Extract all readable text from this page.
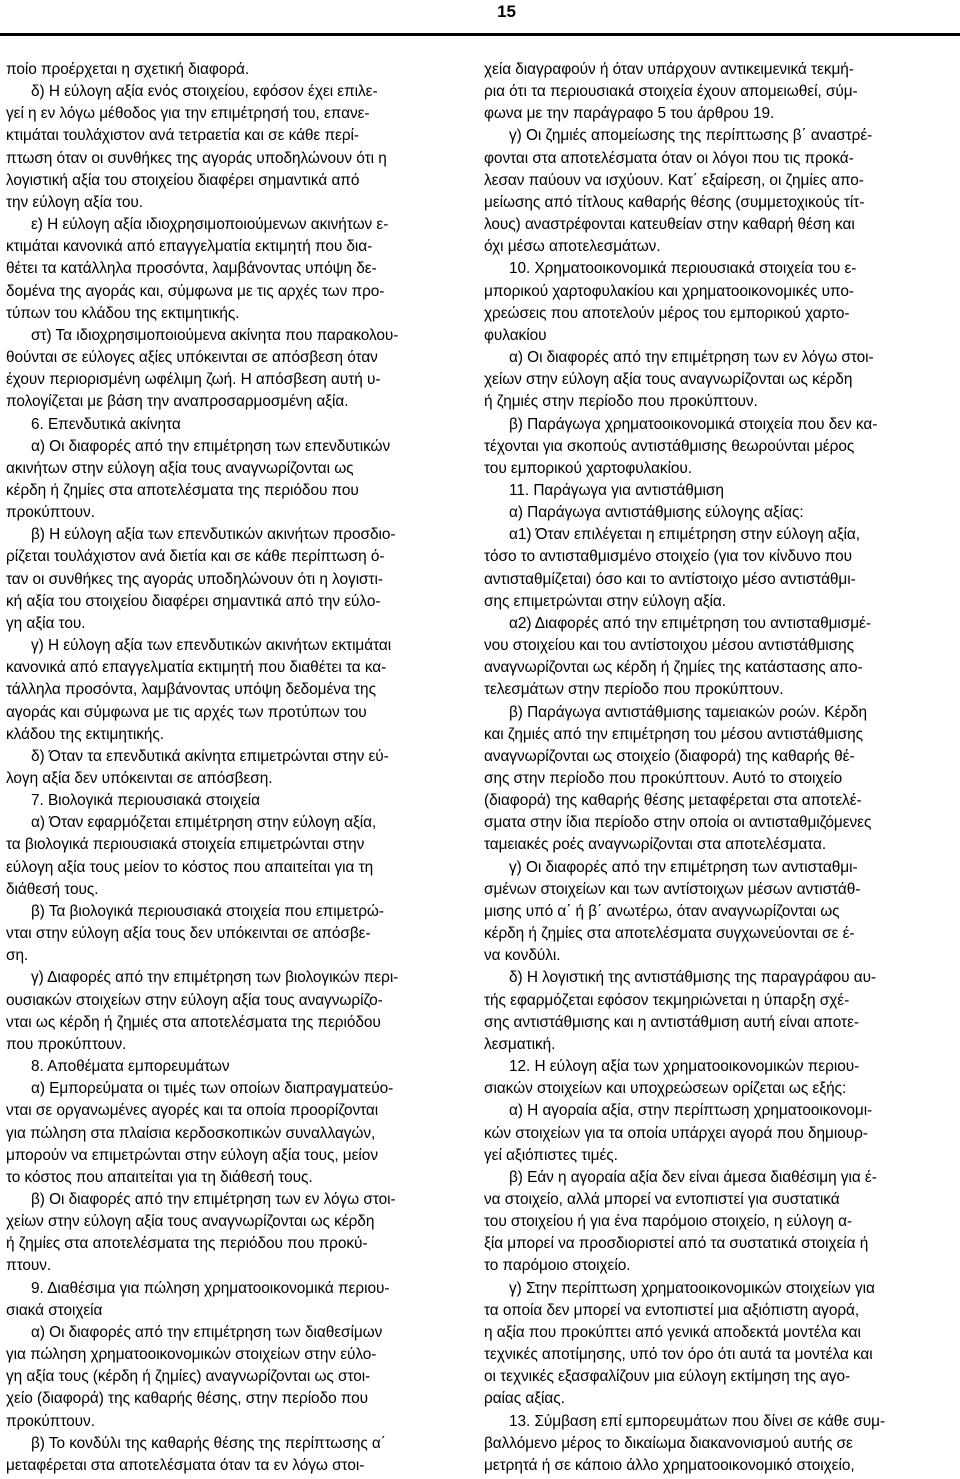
15

ποίο προέρχεται η σχετική διαφορά.

δ) Η εύλογη αξία ενός στοιχείου, εφόσον έχει επιλε-
γεί η εν λόγω μέθοδος για την επιμέτρησή του, επανε-
κτιμάται τουλάχιστον ανά τετραετία και σε κάθε περί-
πτωση όταν οι συνθήκες της αγοράς υποδηλώνουν ότι η
λογιστική αξία του στοιχείου διαφέρει σημαντικά από
την εύλογη αξία του.

ε) Η εύλογη αξία ιδιοχρησιμοποιούμενων ακινήτων ε-
κτιμάται κανονικά από επαγγελματία εκτιμητή που δια-
θέτει τα κατάλληλα προσόντα, λαμβάνοντας υπόψη δε-
δομένα της αγοράς και, σύμφωνα με τις αρχές των προ-
τύπων του κλάδου της εκτιμητικής.

στ) Τα ιδιοχρησιμοποιούμενα ακίνητα που παρακολου-
θούνται σε εύλογες αξίες υπόκεινται σε απόσβεση όταν
έχουν περιορισμένη ωφέλιμη ζωή. Η απόσβεση αυτή υ-
πολογίζεται με βάση την αναπροσαρμοσμένη αξία.

6. Επενδυτικά ακίνητα

α) Οι διαφορές από την επιμέτρηση των επενδυτικών
ακινήτων στην εύλογη αξία τους αναγνωρίζονται ως
κέρδη ή ζημίες στα αποτελέσματα της περιόδου που
προκύπτουν.

β) Η εύλογη αξία των επενδυτικών ακινήτων προσδιο-
ρίζεται τουλάχιστον ανά διετία και σε κάθε περίπτωση ό-
ταν οι συνθήκες της αγοράς υποδηλώνουν ότι η λογιστι-
κή αξία του στοιχείου διαφέρει σημαντικά από την εύλο-
γη αξία του.

γ) Η εύλογη αξία των επενδυτικών ακινήτων εκτιμάται
κανονικά από επαγγελματία εκτιμητή που διαθέτει τα κα-
τάλληλα προσόντα, λαμβάνοντας υπόψη δεδομένα της
αγοράς και σύμφωνα με τις αρχές των προτύπων του
κλάδου της εκτιμητικής.

δ) Όταν τα επενδυτικά ακίνητα επιμετρώνται στην εύ-
λογη αξία δεν υπόκεινται σε απόσβεση.

7. Βιολογικά περιουσιακά στοιχεία

α) Όταν εφαρμόζεται επιμέτρηση στην εύλογη αξία,
τα βιολογικά περιουσιακά στοιχεία επιμετρώνται στην
εύλογη αξία τους μείον το κόστος που απαιτείται για τη
διάθεσή τους.

β) Τα βιολογικά περιουσιακά στοιχεία που επιμετρώ-
νται στην εύλογη αξία τους δεν υπόκεινται σε απόσβε-
ση.

γ) Διαφορές από την επιμέτρηση των βιολογικών περι-
ουσιακών στοιχείων στην εύλογη αξία τους αναγνωρίζο-
νται ως κέρδη ή ζημιές στα αποτελέσματα της περιόδου
που προκύπτουν.

8. Αποθέματα εμπορευμάτων

α) Εμπορεύματα οι τιμές των οποίων διαπραγματεύο-
νται σε οργανωμένες αγορές και τα οποία προορίζονται
για πώληση στα πλαίσια κερδοσκοπικών συναλλαγών,
μπορούν να επιμετρώνται στην εύλογη αξία τους, μείον
το κόστος που απαιτείται για τη διάθεσή τους.

β) Οι διαφορές από την επιμέτρηση των εν λόγω στοι-
χείων στην εύλογη αξία τους αναγνωρίζονται ως κέρδη
ή ζημίες στα αποτελέσματα της περιόδου που προκύ-
πτουν.

9. Διαθέσιμα για πώληση χρηματοοικονομικά περιου-
σιακά στοιχεία

α) Οι διαφορές από την επιμέτρηση των διαθεσίμων
για πώληση χρηματοοικονομικών στοιχείων στην εύλο-
γη αξία τους (κέρδη ή ζημίες) αναγνωρίζονται ως στοι-
χείο (διαφορά) της καθαρής θέσης, στην περίοδο που
προκύπτουν.

β) Το κονδύλι της καθαρής θέσης της περίπτωσης α΄
μεταφέρεται στα αποτελέσματα όταν τα εν λόγω στοι-

χεία διαγραφούν ή όταν υπάρχουν αντικειμενικά τεκμή-
ρια ότι τα περιουσιακά στοιχεία έχουν απομειωθεί, σύμ-
φωνα με την παράγραφο 5 του άρθρου 19.

γ) Οι ζημιές απομείωσης της περίπτωσης β΄ αναστρέ-
φονται στα αποτελέσματα όταν οι λόγοι που τις προκά-
λεσαν παύουν να ισχύουν. Κατ΄ εξαίρεση, οι ζημίες απο-
μείωσης από τίτλους καθαρής θέσης (συμμετοχικούς τίτ-
λους) αναστρέφονται κατευθείαν στην καθαρή θέση και
όχι μέσω αποτελεσμάτων.

10. Χρηματοοικονομικά περιουσιακά στοιχεία του ε-
μπορικού χαρτοφυλακίου και χρηματοοικονομικές υπο-
χρεώσεις που αποτελούν μέρος του εμπορικού χαρτο-
φυλακίου

α) Οι διαφορές από την επιμέτρηση των εν λόγω στοι-
χείων στην εύλογη αξία τους αναγνωρίζονται ως κέρδη
ή ζημιές στην περίοδο που προκύπτουν.

β) Παράγωγα χρηματοοικονομικά στοιχεία που δεν κα-
τέχονται για σκοπούς αντιστάθμισης θεωρούνται μέρος
του εμπορικού χαρτοφυλακίου.

11. Παράγωγα για αντιστάθμιση

α) Παράγωγα αντιστάθμισης εύλογης αξίας:

α1) Όταν επιλέγεται η επιμέτρηση στην εύλογη αξία,
τόσο το αντισταθμισμένο στοιχείο (για τον κίνδυνο που
αντισταθμίζεται) όσο και το αντίστοιχο μέσο αντιστάθμι-
σης επιμετρώνται στην εύλογη αξία.

α2) Διαφορές από την επιμέτρηση του αντισταθμισμέ-
νου στοιχείου και του αντίστοιχου μέσου αντιστάθμισης
αναγνωρίζονται ως κέρδη ή ζημίες της κατάστασης απο-
τελεσμάτων στην περίοδο που προκύπτουν.

β) Παράγωγα αντιστάθμισης ταμειακών ροών. Κέρδη
και ζημιές από την επιμέτρηση του μέσου αντιστάθμισης
αναγνωρίζονται ως στοιχείο (διαφορά) της καθαρής θέ-
σης στην περίοδο που προκύπτουν. Αυτό το στοιχείο
(διαφορά) της καθαρής θέσης μεταφέρεται στα αποτελέ-
σματα στην ίδια περίοδο στην οποία οι αντισταθμιζόμενες
ταμειακές ροές αναγνωρίζονται στα αποτελέσματα.

γ) Οι διαφορές από την επιμέτρηση των αντισταθμι-
σμένων στοιχείων και των αντίστοιχων μέσων αντιστάθ-
μισης υπό α΄ ή β΄ ανωτέρω, όταν αναγνωρίζονται ως
κέρδη ή ζημίες στα αποτελέσματα συγχωνεύονται σε έ-
να κονδύλι.

δ) Η λογιστική της αντιστάθμισης της παραγράφου αυ-
τής εφαρμόζεται εφόσον τεκμηριώνεται η ύπαρξη σχέ-
σης αντιστάθμισης και η αντιστάθμιση αυτή είναι αποτε-
λεσματική.

12. Η εύλογη αξία των χρηματοοικονομικών περιου-
σιακών στοιχείων και υποχρεώσεων ορίζεται ως εξής:

α) Η αγοραία αξία, στην περίπτωση χρηματοοικονομι-
κών στοιχείων για τα οποία υπάρχει αγορά που δημιουρ-
γεί αξιόπιστες τιμές.

β) Εάν η αγοραία αξία δεν είναι άμεσα διαθέσιμη για έ-
να στοιχείο, αλλά μπορεί να εντοπιστεί για συστατικά
του στοιχείου ή για ένα παρόμοιο στοιχείο, η εύλογη α-
ξία μπορεί να προσδιοριστεί από τα συστατικά στοιχεία ή
το παρόμοιο στοιχείο.

γ) Στην περίπτωση χρηματοοικονομικών στοιχείων για
τα οποία δεν μπορεί να εντοπιστεί μια αξιόπιστη αγορά,
η αξία που προκύπτει από γενικά αποδεκτά μοντέλα και
τεχνικές αποτίμησης, υπό τον όρο ότι αυτά τα μοντέλα και
οι τεχνικές εξασφαλίζουν μια εύλογη εκτίμηση της αγο-
ραίας αξίας.

13. Σύμβαση επί εμπορευμάτων που δίνει σε κάθε συμ-
βαλλόμενο μέρος το δικαίωμα διακανονισμού αυτής σε
μετρητά ή σε κάποιο άλλο χρηματοοικονομικό στοιχείο,
